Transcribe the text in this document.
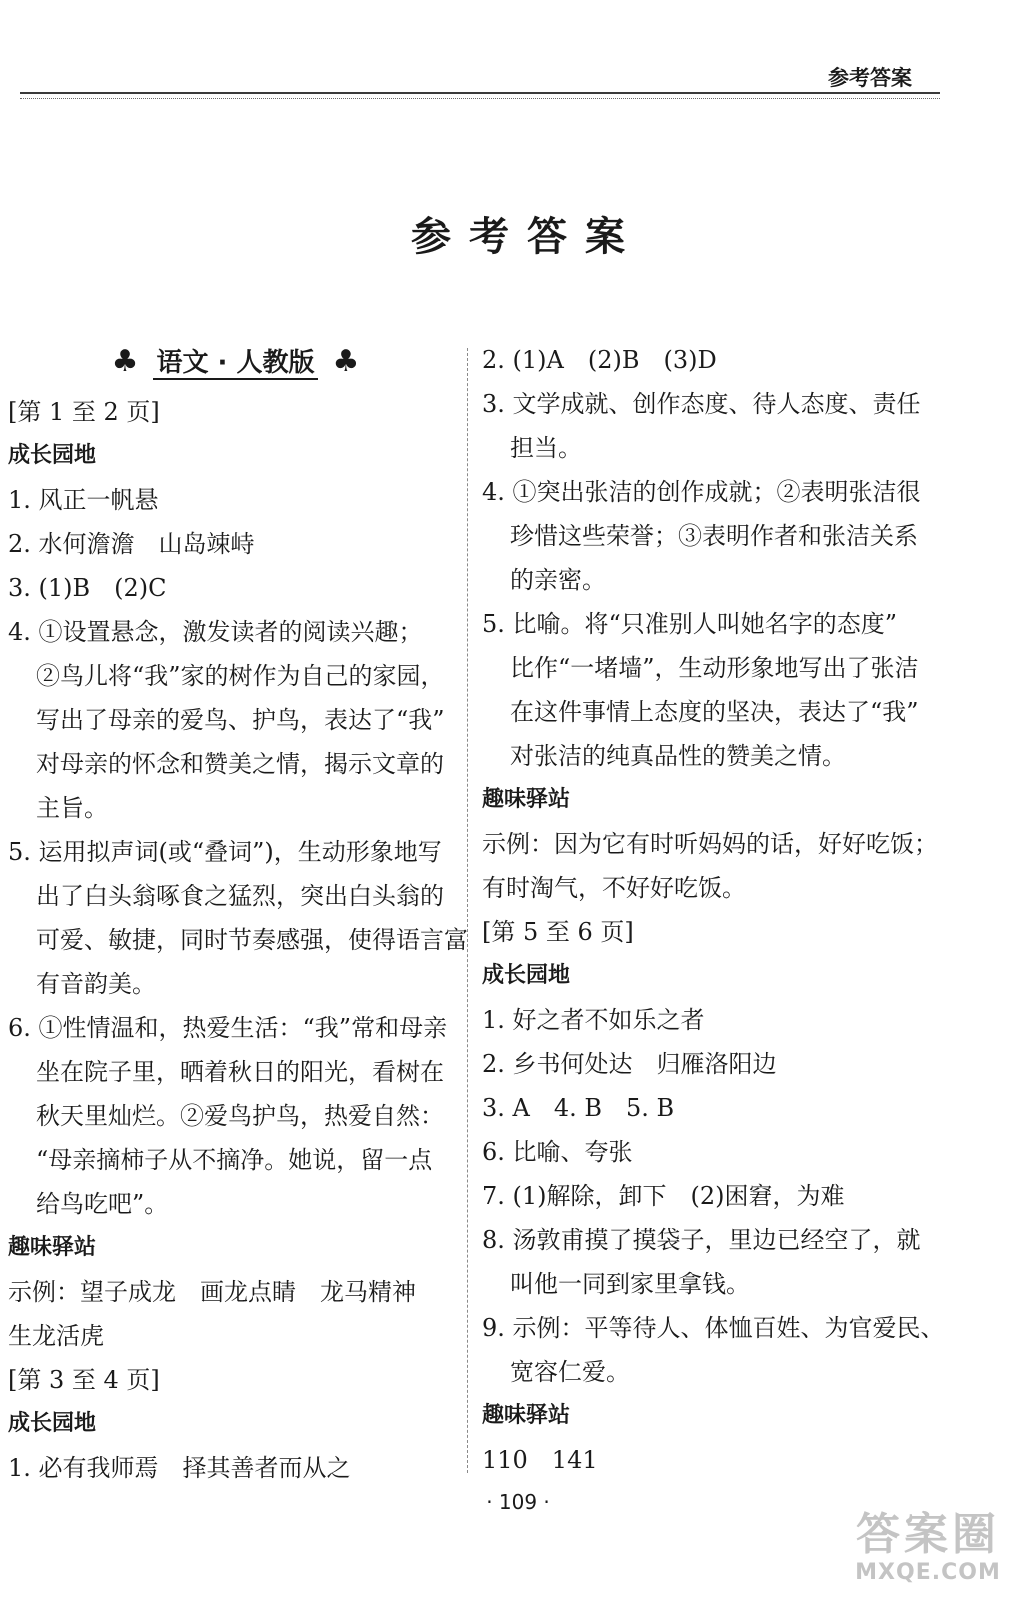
参考答案
参考答案
♣ 语文 · 人教版 ♣
[第 1 至 2 页]
成长园地
1. 风正一帆悬
2. 水何澹澹　山岛竦峙
3. (1)B　(2)C
4. ①设置悬念，激发读者的阅读兴趣；
②鸟儿将“我”家的树作为自己的家园，
写出了母亲的爱鸟、护鸟，表达了“我”
对母亲的怀念和赞美之情，揭示文章的
主旨。
5. 运用拟声词(或“叠词”)，生动形象地写
出了白头翁啄食之猛烈，突出白头翁的
可爱、敏捷，同时节奏感强，使得语言富
有音韵美。
6. ①性情温和，热爱生活：“我”常和母亲
坐在院子里，晒着秋日的阳光，看树在
秋天里灿烂。②爱鸟护鸟，热爱自然：
“母亲摘柿子从不摘净。她说，留一点
给鸟吃吧”。
趣味驿站
示例：望子成龙　画龙点睛　龙马精神
生龙活虎
[第 3 至 4 页]
成长园地
1. 必有我师焉　择其善者而从之
2. (1)A　(2)B　(3)D
3. 文学成就、创作态度、待人态度、责任
担当。
4. ①突出张洁的创作成就；②表明张洁很
珍惜这些荣誉；③表明作者和张洁关系
的亲密。
5. 比喻。将“只准别人叫她名字的态度”
比作“一堵墙”，生动形象地写出了张洁
在这件事情上态度的坚决，表达了“我”
对张洁的纯真品性的赞美之情。
趣味驿站
示例：因为它有时听妈妈的话，好好吃饭；
有时淘气，不好好吃饭。
[第 5 至 6 页]
成长园地
1. 好之者不如乐之者
2. 乡书何处达　归雁洛阳边
3. A　4. B　5. B
6. 比喻、夸张
7. (1)解除，卸下　(2)困窘，为难
8. 汤敦甫摸了摸袋子，里边已经空了，就
叫他一同到家里拿钱。
9. 示例：平等待人、体恤百姓、为官爱民、
宽容仁爱。
趣味驿站
110　141
· 109 ·
答案圈
MXQE.COM
